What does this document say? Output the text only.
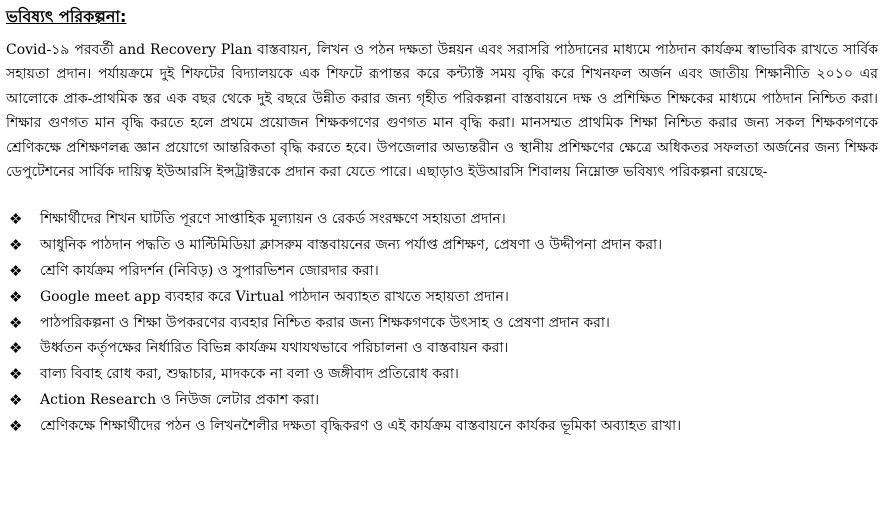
ভবিষ্যৎ পরিকল্পনা:

Covid-১৯ পরবর্তী and Recovery Plan বাস্তবায়ন, লিখন ও পঠন দক্ষতা উন্নয়ন এবং সরাসরি পাঠদানের মাধ্যমে পাঠদান কার্যক্রম স্বাভাবিক রাখতে সার্বিক সহায়তা প্রদান। পর্যায়ক্রমে দুই শিফটের বিদ্যালয়কে এক শিফটে রূপান্তর করে কন্ট্যাক্ট সময় বৃদ্ধি করে শিখনফল অর্জন এবং জাতীয় শিক্ষানীতি ২০১০ এর আলোকে প্রাক-প্রাথমিক স্তর এক বছর থেকে দুই বছরে উন্নীত করার জন্য গৃহীত পরিকল্পনা বাস্তবায়নে দক্ষ ও প্রশিক্ষিত শিক্ষকের মাধ্যমে পাঠদান নিশ্চিত করা। শিক্ষার গুণগত মান বৃদ্ধি করতে হলে প্রথমে প্রয়োজন শিক্ষকগণের গুণগত মান বৃদ্ধি করা। মানসম্মত প্রাথমিক শিক্ষা নিশ্চিত করার জন্য সকল শিক্ষকগণকে শ্রেণিকক্ষে প্রশিক্ষণলব্ধ জ্ঞান প্রয়োগে আন্তরিকতা বৃদ্ধি করতে হবে। উপজেলার অভ্যন্তরীন ও স্থানীয় প্রশিক্ষণের ক্ষেত্রে অধিকতর সফলতা অর্জনের জন্য শিক্ষক ডেপুটেশনের সার্বিক দায়িত্ব ইউআরসি ইন্সট্রাক্টরকে প্রদান করা যেতে পারে। এছাড়াও ইউআরসি শিবালয় নিম্নোক্ত ভবিষ্যৎ পরিকল্পনা রয়েছে-

❖ শিক্ষার্থীদের শিখন ঘাটতি পূরণে সাপ্তাহিক মূল্যায়ন ও রেকর্ড সংরক্ষণে সহায়তা প্রদান।
❖ আধুনিক পাঠদান পদ্ধতি ও মাল্টিমিডিয়া ক্লাসরুম বাস্তবায়নের জন্য পর্যাপ্ত প্রশিক্ষণ, প্রেষণা ও উদ্দীপনা প্রদান করা।
❖ শ্রেণি কার্যক্রম পরিদর্শন (নিবিড়) ও সুপারভিশন জোরদার করা।
❖ Google meet app ব্যবহার করে Virtual পাঠদান অব্যাহত রাখতে সহায়তা প্রদান।
❖ পাঠপরিকল্পনা ও শিক্ষা উপকরণের ব্যবহার নিশ্চিত করার জন্য শিক্ষকগণকে উৎসাহ ও প্রেষণা প্রদান করা।
❖ উর্ধ্বতন কর্তৃপক্ষের নির্ধারিত বিভিন্ন কার্যক্রম যথাযথভাবে পরিচালনা ও বাস্তবায়ন করা।
❖ বাল্য বিবাহ রোধ করা, শুদ্ধাচার, মাদককে না বলা ও জঙ্গীবাদ প্রতিরোধ করা।
❖ Action Research ও নিউজ লেটার প্রকাশ করা।
❖ শ্রেণিকক্ষে শিক্ষার্থীদের পঠন ও লিখনশৈলীর দক্ষতা বৃদ্ধিকরণ ও এই কার্যক্রম বাস্তবায়নে কার্যকর ভূমিকা অব্যাহত রাখা।
